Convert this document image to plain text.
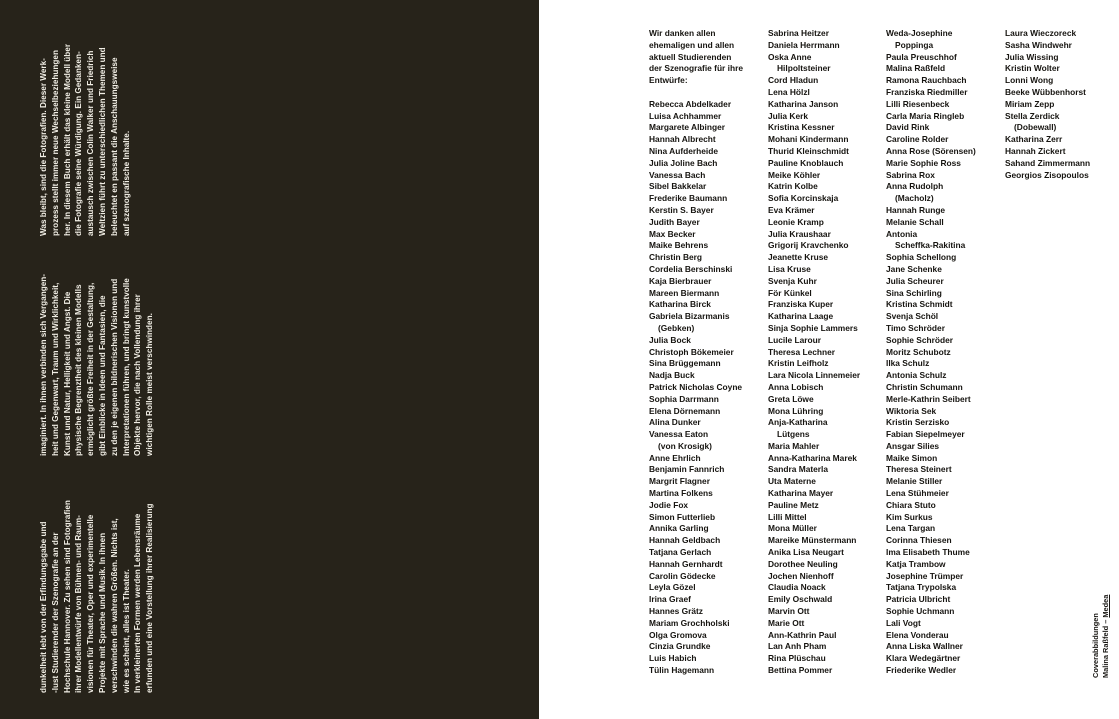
dunkelheit lebt von der Erfindungsgabe und -lust Studierender der Szenografie an der Hochschule Hannover. Zu sehen sind Fotografien ihrer Modellentwürfe von Bühnen- und Raum- visionen für Theater, Oper und experimentelle Projekte mit Sprache und Musik. In ihnen verschwinden die wahren Größen. Nichts ist, wie es scheint, alles ist Theater. In verkleinerten Formen werden Lebensräume erfunden und eine Vorstellung ihrer Realisierung

imaginiert. In ihnen verbinden sich Vergangen- heit und Gegenwart, Traum und Wirklichkeit, Kunst und Natur, Helligkeit und Angst. Die physische Begrenztheit des kleinen Modells ermöglicht größte Freiheit in der Gestaltung, gibt Einblicke in Ideen und Fantasien, die zu den je eigenen bildnerischen Visionen und Interpretationen führen, und bringt kunstvolle Objekte hervor, die nach Vollendung ihrer wichtigen Rolle meist verschwinden.

Was bleibt, sind die Fotografien. Dieser Werk- prozess stellt immer neue Wechselbeziehungen her. In diesem Buch erhält das kleine Modell über die Fotografie seine Würdigung. Ein Gedanken- austausch zwischen Colin Walker und Friedrich Weltzien führt zu unterschiedlichen Themen und beleuchtet en passant die Anschauungsweise auf szenografische Inhalte.

Wir danken allen
ehemaligen und allen
aktuell Studierenden
der Szenografie für ihre
Entwürfe:
Rebecca Abdelkader
Luisa Achhammer
Margarete Albinger
Hannah Albrecht
Nina Aufderheide
Julia Joline Bach
Vanessa Bach
Sibel Bakkelar
Frederike Baumann
Kerstin S. Bayer
Judith Bayer
Max Becker
Maike Behrens
Christin Berg
Cordelia Berschinski
Kaja Bierbrauer
Mareen Biermann
Katharina Birck
Gabriela Bizarmanis
(Gebken)
Julia Bock
Christoph Bökemeier
Sina Brüggemann
Nadja Buck
Patrick Nicholas Coyne
Sophia Darrmann
Elena Dörnemann
Alina Dunker
Vanessa Eaton
(von Krosigk)
Anne Ehrlich
Benjamin Fannrich
Margrit Flagner
Martina Folkens
Jodie Fox
Simon Futterlieb
Annika Garling
Hannah Geldbach
Tatjana Gerlach
Hannah Gernhardt
Carolin Gödecke
Leyla Gözel
Irina Graef
Hannes Grätz
Mariam Grochholski
Olga Gromova
Cinzia Grundke
Luis Habich
Tülin Hagemann
Sabrina Heitzer
Daniela Herrmann
Oska Anne
Hilpoltsteiner
Cord Hladun
Lena Hölzl
Katharina Janson
Julia Kerk
Kristina Kessner
Mohani Kindermann
Thurid Kleinschmidt
Pauline Knoblauch
Meike Köhler
Katrin Kolbe
Sofia Korcinskaja
Eva Krämer
Leonie Kramp
Julia Kraushaar
Grigorij Kravchenko
Jeanette Kruse
Lisa Kruse
Svenja Kuhr
För Künkel
Franziska Kuper
Katharina Laage
Sinja Sophie Lammers
Lucile Larour
Theresa Lechner
Kristin Leifholz
Lara Nicola Linnemeier
Anna Lobisch
Greta Löwe
Mona Lühring
Anja-Katharina
Lütgens
Maria Mahler
Anna-Katharina Marek
Sandra Materla
Uta Materne
Katharina Mayer
Pauline Metz
Lilli Mittel
Mona Müller
Mareike Münstermann
Anika Lisa Neugart
Dorothee Neuling
Jochen Nienhoff
Claudia Noack
Emily Oschwald
Marvin Ott
Marie Ott
Ann-Kathrin Paul
Lan Anh Pham
Rina Plüschau
Bettina Pommer
Weda-Josephine
Poppinga
Paula Preuschhof
Malina Raßfeld
Ramona Rauchbach
Franziska Riedmiller
Lilli Riesenbeck
Carla Maria Ringleb
David Rink
Caroline Rolder
Anna Rose (Sörensen)
Marie Sophie Ross
Sabrina Rox
Anna Rudolph
(Macholz)
Hannah Runge
Melanie Schall
Antonia
Scheffka-Rakitina
Sophia Schellong
Jane Schenke
Julia Scheurer
Sina Schirling
Kristina Schmidt
Svenja Schöl
Timo Schröder
Sophie Schröder
Moritz Schubotz
Ilka Schulz
Antonia Schulz
Christin Schumann
Merle-Kathrin Seibert
Wiktoria Sek
Kristin Serzisko
Fabian Siepelmeyer
Ansgar Silies
Maike Simon
Theresa Steinert
Melanie Stiller
Lena Stühmeier
Chiara Stuto
Kim Surkus
Lena Targan
Corinna Thiesen
Ima Elisabeth Thume
Katja Trambow
Josephine Trümper
Tatjana Trypolska
Patricia Ulbricht
Sophie Uchmann
Lali Vogt
Elena Vonderau
Anna Liska Wallner
Klara Wedegärtner
Friederike Wedler
Laura Wieczoreck
Sasha Windwehr
Julia Wissing
Kristin Wolter
Lonni Wong
Beeke Wübbenhorst
Miriam Zepp
Stella Zerdick
(Dobewall)
Katharina Zerr
Hannah Zickert
Sahand Zimmermann
Georgios Zisopoulos
Coverabbildungen Malina Raßfeld – Medea
